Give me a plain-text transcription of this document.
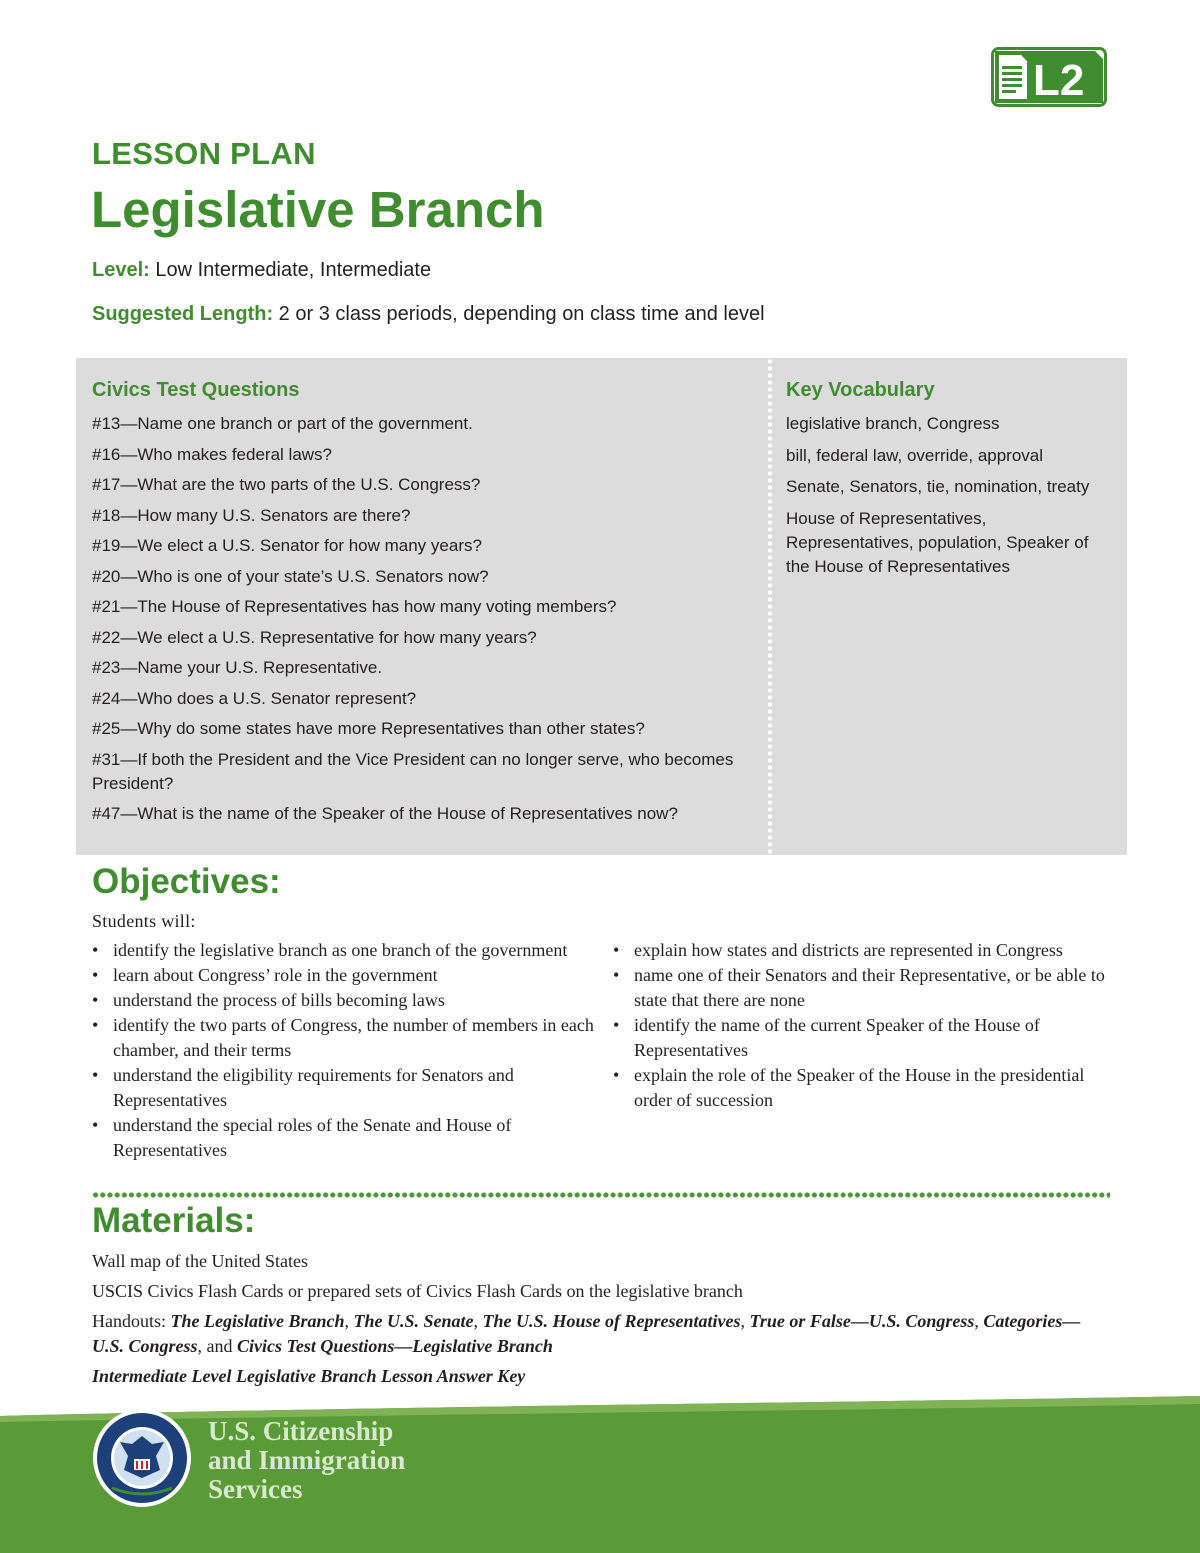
L2
LESSON PLAN
Legislative Branch
Level: Low Intermediate, Intermediate
Suggested Length: 2 or 3 class periods, depending on class time and level
Civics Test Questions
#13—Name one branch or part of the government.
#16—Who makes federal laws?
#17—What are the two parts of the U.S. Congress?
#18—How many U.S. Senators are there?
#19—We elect a U.S. Senator for how many years?
#20—Who is one of your state’s U.S. Senators now?
#21—The House of Representatives has how many voting members?
#22—We elect a U.S. Representative for how many years?
#23—Name your U.S. Representative.
#24—Who does a U.S. Senator represent?
#25—Why do some states have more Representatives than other states?
#31—If both the President and the Vice President can no longer serve, who becomes President?
#47—What is the name of the Speaker of the House of Representatives now?
Key Vocabulary
legislative branch, Congress
bill, federal law, override, approval
Senate, Senators, tie, nomination, treaty
House of Representatives, Representatives, population, Speaker of the House of Representatives
Objectives:
Students will:
• identify the legislative branch as one branch of the government
• learn about Congress’ role in the government
• understand the process of bills becoming laws
• identify the two parts of Congress, the number of members in each chamber, and their terms
• understand the eligibility requirements for Senators and Representatives
• understand the special roles of the Senate and House of Representatives
• explain how states and districts are represented in Congress
• name one of their Senators and their Representative, or be able to state that there are none
• identify the name of the current Speaker of the House of Representatives
• explain the role of the Speaker of the House in the presidential order of succession
Materials:

Wall map of the United States

USCIS Civics Flash Cards or prepared sets of Civics Flash Cards on the legislative branch

Handouts: The Legislative Branch, The U.S. Senate, The U.S. House of Representatives, True or False—U.S. Congress, Categories—U.S. Congress, and Civics Test Questions—Legislative Branch

Intermediate Level Legislative Branch Lesson Answer Key

U.S. Citizenship
and Immigration
Services
